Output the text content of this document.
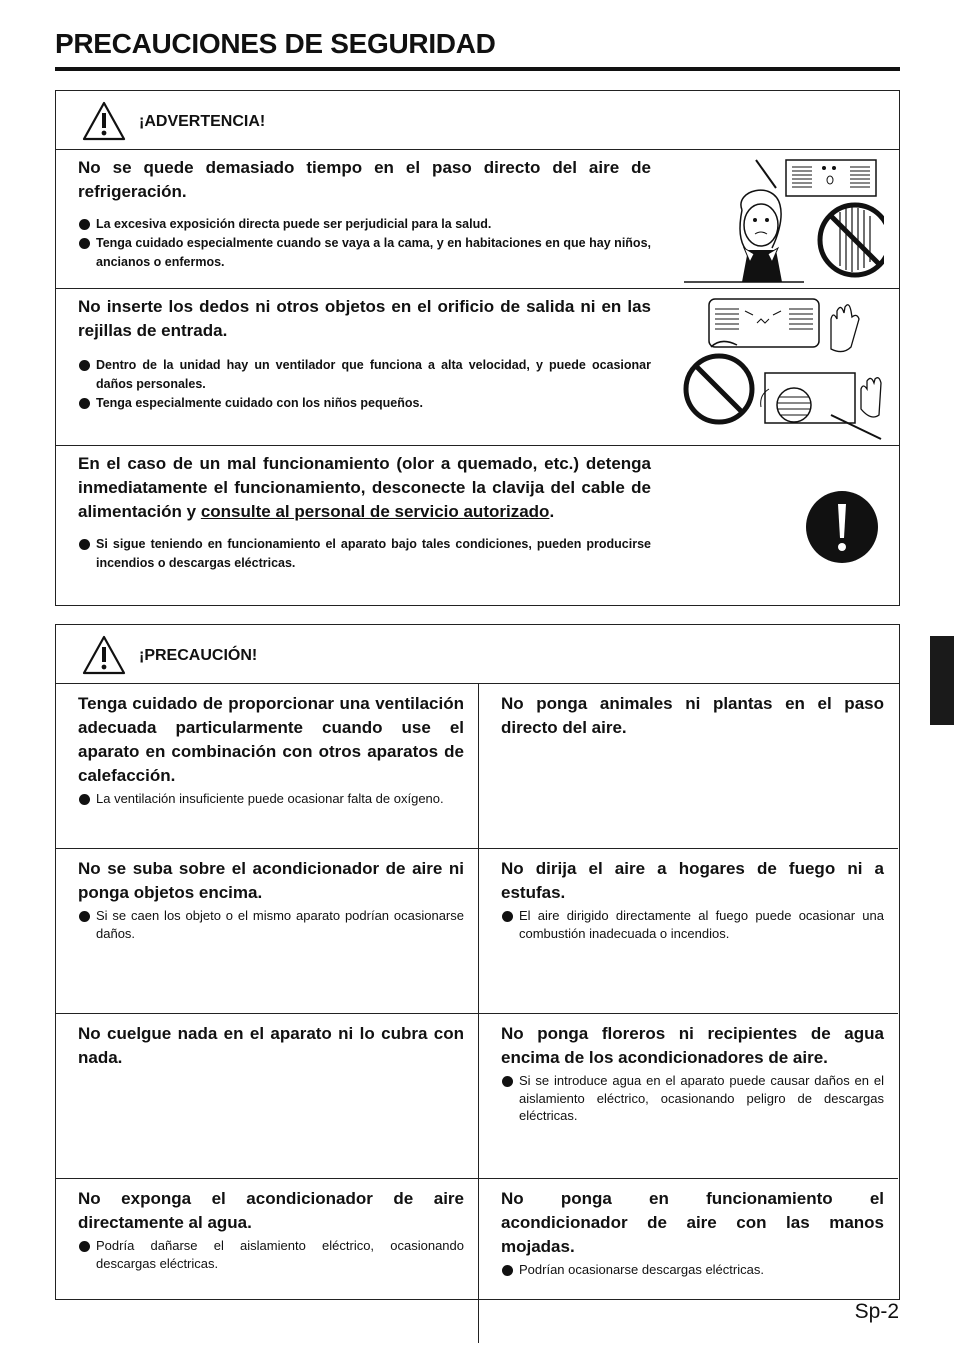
PRECAUCIONES DE SEGURIDAD
¡ADVERTENCIA!

No se quede demasiado tiempo en el paso directo del aire de refrigeración.

La excesiva exposición directa puede ser perjudicial para la salud.
Tenga cuidado especialmente cuando se vaya a la cama, y en habitaciones en que hay niños, ancianos o enfermos.

No inserte los dedos ni otros objetos en el orificio de salida ni en las rejillas de entrada.

Dentro de la unidad hay un ventilador que funciona a alta velocidad, y puede ocasionar daños personales.
Tenga especialmente cuidado con los niños pequeños.

En el caso de un mal funcionamiento (olor a quemado, etc.) detenga inmediatamente el funcionamiento, desconecte la clavija del cable de alimentación y consulte al personal de servicio autorizado.

Si sigue teniendo en funcionamiento el aparato bajo tales condiciones, pueden producirse incendios o descargas eléctricas.
¡PRECAUCIÓN!

Tenga cuidado de proporcionar una ventilación adecuada particularmente cuando use el aparato en combinación con otros aparatos de calefacción.

La ventilación insuficiente puede ocasionar falta de oxígeno.

No ponga animales ni plantas en el paso directo del aire.

No se suba sobre el acondicionador de aire ni ponga objetos encima.

Si se caen los objeto o el mismo aparato podrían ocasionarse daños.

No dirija el aire a hogares de fuego ni a estufas.

El aire dirigido directamente al fuego puede ocasionar una combustión inadecuada o incendios.

No cuelgue nada en el aparato ni lo cubra con nada.

No ponga floreros ni recipientes de agua encima de los acondicionadores de aire.

Si se introduce agua en el aparato puede causar daños en el aislamiento eléctrico, ocasionando peligro de descargas eléctricas.

No exponga el acondicionador de aire directamente al agua.

Podría dañarse el aislamiento eléctrico, ocasionando descargas eléctricas.

No ponga en funcionamiento el acondicionador de aire con las manos mojadas.

Podrían ocasionarse descargas eléctricas.
Sp-2
